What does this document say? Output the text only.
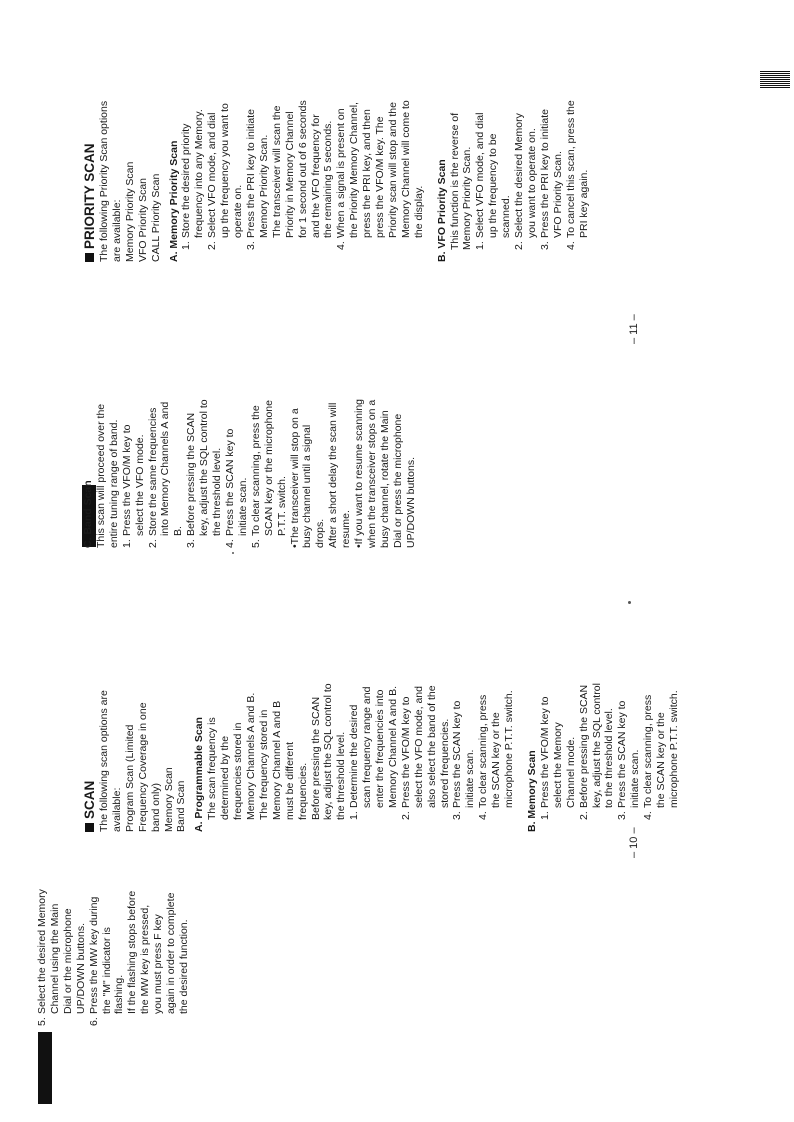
5.
Select the desired Memory Channel using the Main Dial or the microphone UP/DOWN buttons.
6.
Press the MW key during the "M" indicator is flashing. If the flashing stops before the MW key is pressed, you must press F key again in order to complete the desired function.

SCAN The following scan options are available: Program Scan (Limited Frequency Coverage in one band only) Memory Scan Band Scan A. Programmable Scan The scan frequency is determined by the frequencies stored in Memory Channels A and B. The frequency stored in Memory Channel A and B must be different frequencies. Before pressing the SCAN key, adjust the SQL control to the threshold level. 1.
Determine the desired scan frequency range and enter the frequencies into Memory Channel A and B.
2.
Press the VFO/M key to select the VFO mode, and also select the band of the stored frequencies.
3.
Press the SCAN key to initiate scan.
4.
To clear scanning, press the SCAN key or the microphone P.T.T. switch. B. Memory Scan 1.
Press the VFO/M key to select the Memory Channel mode.
2.
Before pressing the SCAN key, adjust the SQL control to the threshold level.
3.
Press the SCAN key to initiate scan.
4.
To clear scanning, press the SCAN key or the microphone P.T.T. switch.
– 10 –

C. Band Scan This scan will proceed over the entire tuning range of band. 1.
Press the VFO/M key to select the VFO mode.
2.
Store the same frequencies into Memory Channels A and B.
3.
Before pressing the SCAN key, adjust the SQL control to the threshold level.
4.
Press the SCAN key to initiate scan.
5.
To clear scanning, press the SCAN key or the microphone P.T.T. switch. •The transceiver will stop on a busy channel until a signal drops. After a short delay the scan will resume. •If you want to resume scanning when the transceiver stops on a busy channel, rotate the Main Dial or press the microphone UP/DOWN buttons.

PRIORITY SCAN The following Priority Scan options are available: Memory Priority Scan VFO Priority Scan CALL Priority Scan A. Memory Priority Scan 1.
Store the desired priority frequency into any Memory.
2.
Select VFO mode, and dial up the frequency you want to operate on.
3.
Press the PRI key to initiate Memory Priority Scan.
The transceiver will scan the Priority in Memory Channel for 1 second out of 6 seconds and the VFO frequency for the remaining 5 seconds.
4.
When a signal is present on the Priority Memory Channel, press the PRI key, and then press the VFO/M key. The Priority scan will stop and the Memory Channel will come to the display. B. VFO Priority Scan This function is the reverse of Memory Priority Scan. 1.
Select VFO mode, and dial up the frequency to be scanned.
2.
Select the desired Memory you want to operate on.
3.
Press the PRI key to initiate VFO Priority Scan.
4.
To cancel this scan, press the PRI key again.
– 11 –
